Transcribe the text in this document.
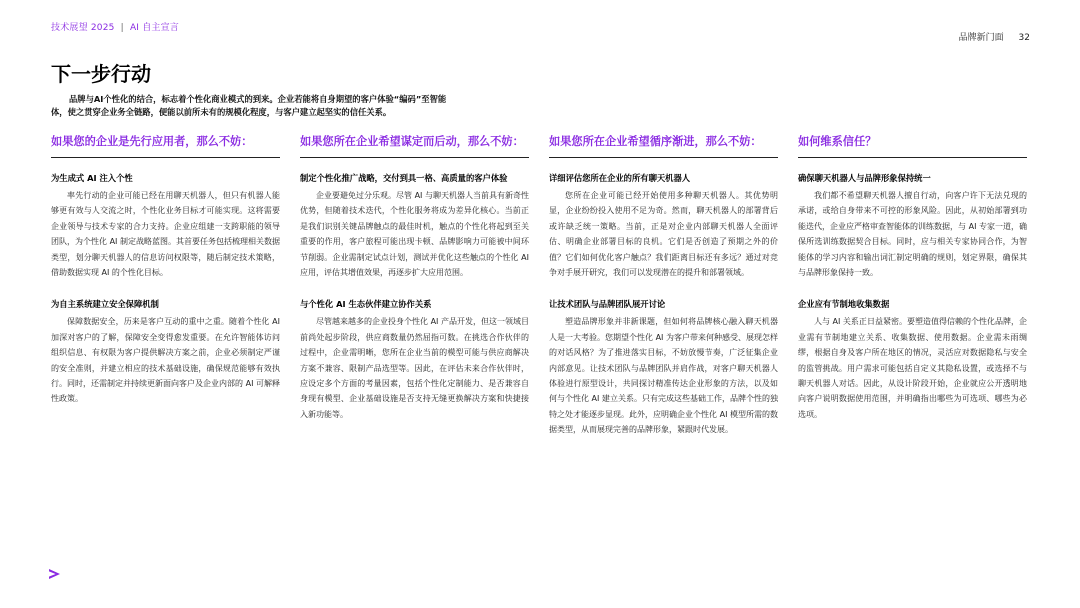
技术展望 2025 | AI 自主宣言
品牌新门面 32
下一步行动

品牌与AI个性化的结合，标志着个性化商业模式的到来。企业若能将自身期望的客户体验“编码”至智能体，使之贯穿企业务全链路，便能以前所未有的规模化程度，与客户建立起坚实的信任关系。

如果您的企业是先行应用者，那么不妨：
为生成式 AI 注入个性

率先行动的企业可能已经在用聊天机器人，但只有机器人能够更有效与人交流之时，个性化业务目标才可能实现。这将需要企业领导与技术专家的合力支持。企业应组建一支跨职能的领导团队，为个性化 AI 制定战略蓝图。其首要任务包括梳理相关数据类型，划分聊天机器人的信息访问权限等，随后制定技术策略，借助数据实现 AI 的个性化目标。

为自主系统建立安全保障机制

保障数据安全，历来是客户互动的重中之重。随着个性化 AI 加深对客户的了解，保障安全变得愈发重要。在允许智能体访问组织信息、有权限为客户提供解决方案之前，企业必须制定严谨的安全准则，并建立相应的技术基础设施，确保规范能够有效执行。同时，还需制定并持续更新面向客户及企业内部的 AI 可解释性政策。

如果您所在企业希望谋定而后动，那么不妨：
制定个性化推广战略，交付到具一格、高质量的客户体验

企业要避免过分乐观。尽管 AI 与聊天机器人当前具有新奇性优势，但随着技术迭代，个性化服务将成为差异化核心。当前正是我们识别关键品牌触点的最佳时机，触点的个性化将起到至关重要的作用，客户旅程可能出现卡顿、品牌影响力可能被中间环节削弱。企业需制定试点计划，测试并优化这些触点的个性化 AI 应用，评估其增值效果，再逐步扩大应用范围。

与个性化 AI 生态伙伴建立协作关系

尽管越来越多的企业投身个性化 AI 产品开发，但这一领域目前尚处起步阶段，供应商数量仍然屈指可数。在挑选合作伙伴的过程中，企业需明晰，您所在企业当前的模型可能与供应商解决方案不兼容、限制产品选型等。因此，在评估未来合作伙伴时，应设定多个方面的考量因素，包括个性化定制能力、是否兼容自身现有模型、企业基础设施是否支持无缝更换解决方案和快捷接入新功能等。

如果您所在企业希望循序渐进，那么不妨：
详细评估您所在企业的所有聊天机器人

您所在企业可能已经开始使用多种聊天机器人。其优势明显，企业纷纷投入使用不足为奇。然而，聊天机器人的部署背后或许缺乏统一策略。当前，正是对企业内部聊天机器人全面评估、明确企业部署目标的良机。它们是否创造了预期之外的价值？它们如何优化客户触点？我们距离目标还有多远？通过对竞争对手展开研究，我们可以发现潜在的提升和部署领域。

让技术团队与品牌团队展开讨论

塑造品牌形象并非新课题，但如何将品牌核心融入聊天机器人是一大考验。您期望个性化 AI 为客户带来何种感受、展现怎样的对话风格？为了推进落实目标，不妨放慢节奏，广泛征集企业内部意见。让技术团队与品牌团队并肩作战，对客户聊天机器人体验进行原型设计，共同探讨精准传达企业形象的方法，以及如何与个性化 AI 建立关系。只有完成这些基础工作，品牌个性的独特之处才能逐步显现。此外，应明确企业个性化 AI 模型所需的数据类型，从而展现完善的品牌形象，紧跟时代发展。

如何维系信任？
确保聊天机器人与品牌形象保持统一

我们都不希望聊天机器人擅自行动，向客户许下无法兑现的承诺，或给自身带来不可控的形象风险。因此，从初始部署到功能迭代，企业应严格审查智能体的训练数据，与 AI 专家一道，确保所选训练数据契合目标。同时，应与相关专家协同合作，为智能体的学习内容和输出词汇制定明确的规则，划定界限，确保其与品牌形象保持一致。

企业应有节制地收集数据

人与 AI 关系正日益紧密。要塑造值得信赖的个性化品牌，企业需有节制地建立关系、收集数据、使用数据。企业需未雨绸缪，根据自身及客户所在地区的情况，灵活应对数据隐私与安全的监管挑战。用户需求可能包括自定义其隐私设置，或选择不与聊天机器人对话。因此，从设计阶段开始，企业就应公开透明地向客户说明数据使用范围，并明确指出哪些为可选项、哪些为必选项。
